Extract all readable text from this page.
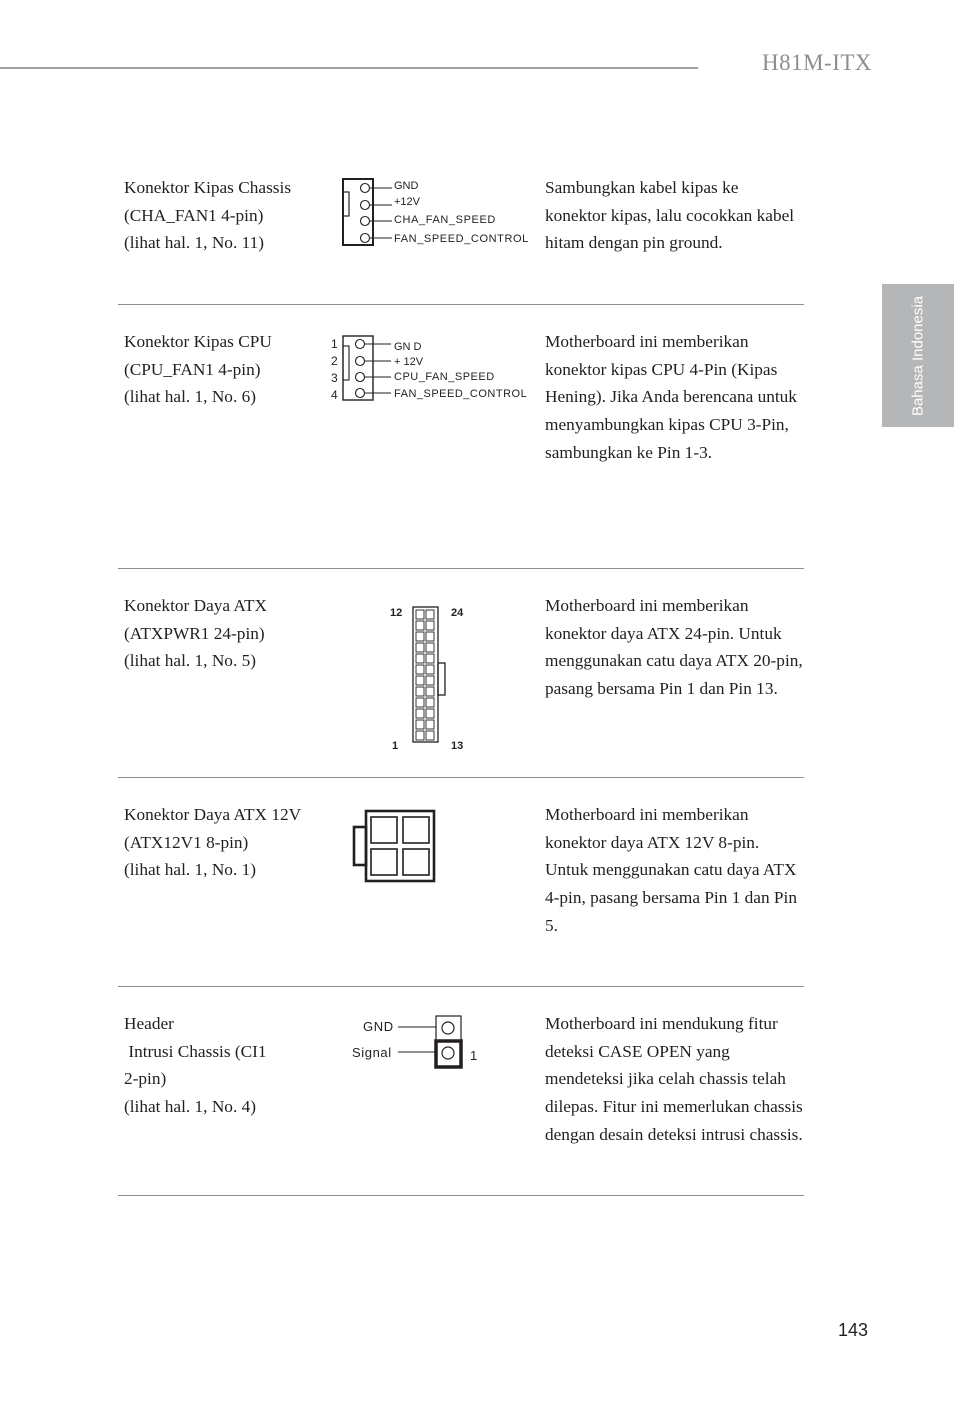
H81M-ITX
Bahasa Indonesia
Konektor Kipas Chassis
(CHA_FAN1 4-pin)
(lihat hal. 1, No. 11)
GND
+12V
CHA_FAN_SPEED
FAN_SPEED_CONTROL
Sambungkan kabel kipas ke konektor kipas, lalu cocokkan kabel hitam dengan pin ground.
Konektor Kipas CPU
(CPU_FAN1 4-pin)
(lihat hal. 1, No. 6)
1
2
3
4
GN D
+ 12V
CPU_FAN_SPEED
FAN_SPEED_CONTROL
Motherboard ini memberikan konektor kipas CPU 4-Pin (Kipas Hening). Jika Anda berencana untuk menyambungkan kipas CPU 3-Pin, sambungkan ke Pin 1-3.
Konektor Daya ATX
(ATXPWR1 24-pin)
(lihat hal. 1, No. 5)
12	24
1	13
Motherboard ini memberikan konektor daya ATX 24-pin. Untuk menggunakan catu daya ATX 20-pin, pasang bersama Pin 1 dan Pin 13.
Konektor Daya ATX 12V
(ATX12V1 8-pin)
(lihat hal. 1, No. 1)
Motherboard ini memberikan konektor daya ATX 12V 8-pin. Untuk menggunakan catu daya ATX 4-pin, pasang bersama Pin 1 dan Pin 5.
Header
Intrusi Chassis (CI1
2-pin)
(lihat hal. 1, No. 4)
GND
Signal	1
Motherboard ini mendukung fitur deteksi CASE OPEN yang mendeteksi jika celah chassis telah dilepas. Fitur ini memerlukan chassis dengan desain deteksi intrusi chassis.
143
